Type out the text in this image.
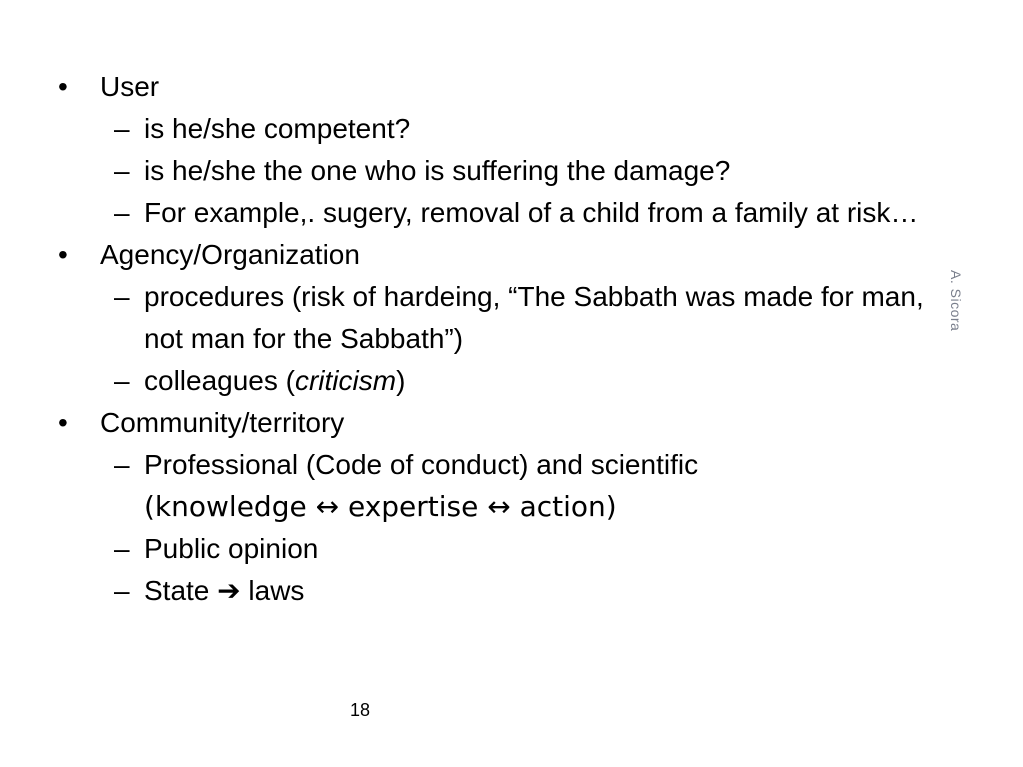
•	User
– is he/she competent?
– is he/she the one who is suffering the damage?
– For example,. sugery, removal of a child from a family at risk…
•	Agency/Organization
– procedures (risk of hardeing, “The Sabbath was made for man, not man for the Sabbath”)
– colleagues (criticism)
•	Community/territory
– Professional (Code of conduct) and scientific
(knowledge ↔ expertise ↔ action)
– Public opinion
– State ➔ laws
A. Sicora
18
